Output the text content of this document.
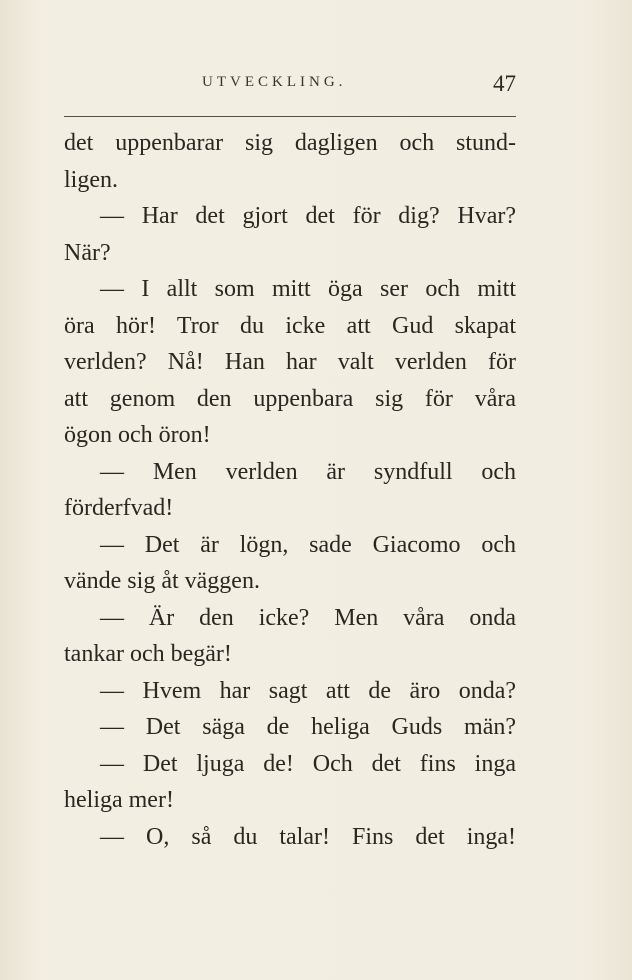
UTVECKLING.	47
det uppenbarar sig dagligen och stund-
ligen.
— Har det gjort det för dig? Hvar?
När?
— I allt som mitt öga ser och mitt
öra hör! Tror du icke att Gud skapat
verlden? Nå! Han har valt verlden för
att genom den uppenbara sig för våra
ögon och öron!
— Men verlden är syndfull och
förderfvad!
— Det är lögn, sade Giacomo och
vände sig åt väggen.
— Är den icke? Men våra onda
tankar och begär!
— Hvem har sagt att de äro onda?
— Det säga de heliga Guds män?
— Det ljuga de! Och det fins inga
heliga mer!
— O, så du talar! Fins det inga!
